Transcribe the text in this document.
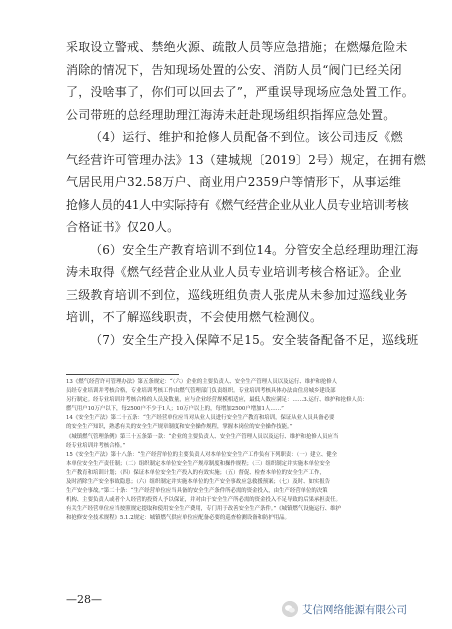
采取设立警戒、禁绝火源、疏散人员等应急措施；在燃爆危险未
消除的情况下，告知现场处置的公安、消防人员“阀门已经关闭
了，没啥事了，你们可以回去了”，严重误导现场应急处置工作。
公司带班的总经理助理江海涛未赶赴现场组织指挥应急处置。
（4）运行、维护和抢修人员配备不到位。该公司违反《燃
气经营许可管理办法》13（建城规〔2019〕2号）规定，在拥有燃
气居民用户32.58万户、商业用户2359户等情形下，从事运维
抢修人员的41人中实际持有《燃气经营企业从业人员专业培训考核
合格证书》仅20人。
（6）安全生产教育培训不到位14。分管安全总经理助理江海
涛未取得《燃气经营企业从业人员专业培训考核合格证》。企业
三级教育培训不到位，巡线班组负责人张虎从未参加过巡线业务
培训，不了解巡线职责，不会使用燃气检测仪。
（7）安全生产投入保障不足15。安全装备配备不足，巡线班
13《燃气经营许可管理办法》第五条规定：“（六）企业的主要负责人、安全生产管理人员以及运行、维护和抢修人
员经专业培训并考核合格，专业培训考核工作由燃气管理部门负责组织。专业培训考核具体办法由住房城乡建设部
另行制定。经专业培训并考核合格的人员及数量，应与企业经营规模相适应，最低人数应满足：……3.运行、维护和抢修人员：
燃气用户10万户以下，每2500户不少于1人；10万户以上的，每增加2500户增加1人……”
14《安全生产法》第二十五条：“生产经营单位应当对从业人员进行安全生产教育和培训，保证从业人员具备必要
的安全生产知识，熟悉有关的安全生产规章制度和安全操作规程，掌握本岗位的安全操作技能。”
《城镇燃气管理条例》第三十五条第一款：“企业的主要负责人、安全生产管理人员以及运行、维护和抢修人员应当
经专业培训并考核合格。”
15《安全生产法》第十八条：“生产经营单位的主要负责人对本单位安全生产工作负有下列职责：（一）建立、健全
本单位安全生产责任制；（二）组织制定本单位安全生产规章制度和操作规程；（三）组织制定并实施本单位安全
生产教育和培训计划；（四）保证本单位安全生产投入的有效实施；（五）督促、检查本单位的安全生产工作，
及时消除生产安全事故隐患；（六）组织制定并实施本单位的生产安全事故应急救援预案；（七）及时、如实报告
生产安全事故。”第二十条：“生产经营单位应当具备的安全生产条件所必需的资金投入，由生产经营单位的决策
机构、主要负责人或者个人经营的投资人予以保证，并对由于安全生产所必需的资金投入不足导致的后果承担责任。
有关生产经营单位应当按照规定提取和使用安全生产费用，专门用于改善安全生产条件。”《城镇燃气设施运行、维护
和抢修安全技术规程》5.1.2规定：城镇燃气供应单位应配备必要的巡查检测设备和防护用品。
—28—
艾信网络能源有限公司
